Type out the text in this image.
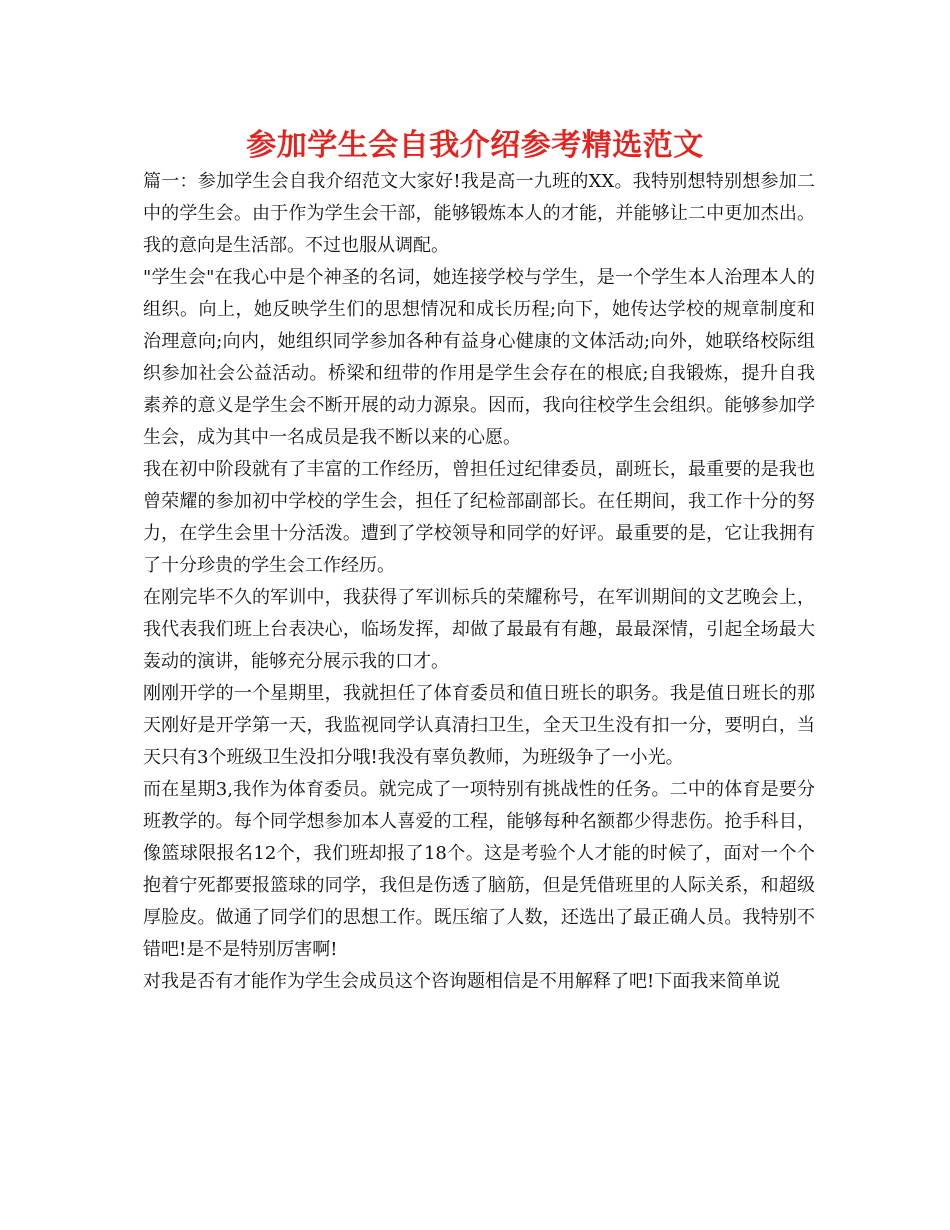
参加学生会自我介绍参考精选范文

篇一：参加学生会自我介绍范文大家好!我是高一九班的XX。我特别想特别想参加二中的学生会。由于作为学生会干部，能够锻炼本人的才能，并能够让二中更加杰出。我的意向是生活部。不过也服从调配。

"学生会"在我心中是个神圣的名词，她连接学校与学生，是一个学生本人治理本人的组织。向上，她反映学生们的思想情况和成长历程;向下，她传达学校的规章制度和治理意向;向内，她组织同学参加各种有益身心健康的文体活动;向外，她联络校际组织参加社会公益活动。桥梁和纽带的作用是学生会存在的根底;自我锻炼，提升自我素养的意义是学生会不断开展的动力源泉。因而，我向往校学生会组织。能够参加学生会，成为其中一名成员是我不断以来的心愿。

我在初中阶段就有了丰富的工作经历，曾担任过纪律委员，副班长，最重要的是我也曾荣耀的参加初中学校的学生会，担任了纪检部副部长。在任期间，我工作十分的努力，在学生会里十分活泼。遭到了学校领导和同学的好评。最重要的是，它让我拥有了十分珍贵的学生会工作经历。

在刚完毕不久的军训中，我获得了军训标兵的荣耀称号，在军训期间的文艺晚会上，我代表我们班上台表决心，临场发挥，却做了最最有有趣，最最深情，引起全场最大轰动的演讲，能够充分展示我的口才。

刚刚开学的一个星期里，我就担任了体育委员和值日班长的职务。我是值日班长的那天刚好是开学第一天，我监视同学认真清扫卫生，全天卫生没有扣一分，要明白，当天只有3个班级卫生没扣分哦!我没有辜负教师，为班级争了一小光。

而在星期3,我作为体育委员。就完成了一项特别有挑战性的任务。二中的体育是要分班教学的。每个同学想参加本人喜爱的工程，能够每种名额都少得悲伤。抢手科目，像篮球限报名12个，我们班却报了18个。这是考验个人才能的时候了，面对一个个抱着宁死都要报篮球的同学，我但是伤透了脑筋，但是凭借班里的人际关系，和超级厚脸皮。做通了同学们的思想工作。既压缩了人数，还选出了最正确人员。我特别不错吧!是不是特别厉害啊!

对我是否有才能作为学生会成员这个咨询题相信是不用解释了吧!下面我来简单说
